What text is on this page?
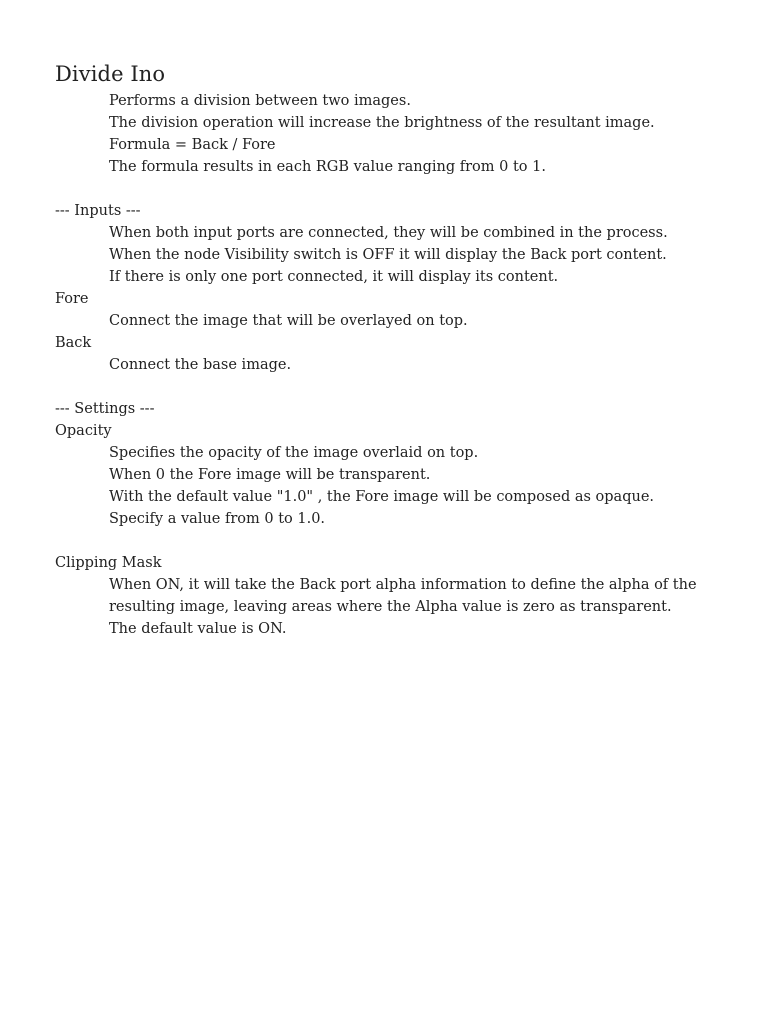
Divide Ino

Performs a division between two images.

The division operation will increase the brightness of the resultant image.

Formula = Back / Fore

The formula results in each RGB value ranging from 0 to 1.

--- Inputs ---

When both input ports are connected, they will be combined in the process.

When the node Visibility switch is OFF it will display the Back port content.

If there is only one port connected, it will display its content.

Fore

Connect the image that will be overlayed on top.

Back

Connect the base image.

--- Settings ---

Opacity

Specifies the opacity of the image overlaid on top.

When 0 the Fore image will be transparent.

With the default value "1.0" , the Fore image will be composed as opaque.

Specify a value from 0 to 1.0.

Clipping Mask

When ON, it will take the Back port alpha information to define the alpha of the

resulting image, leaving areas where the Alpha value is zero as transparent.

The default value is ON.
